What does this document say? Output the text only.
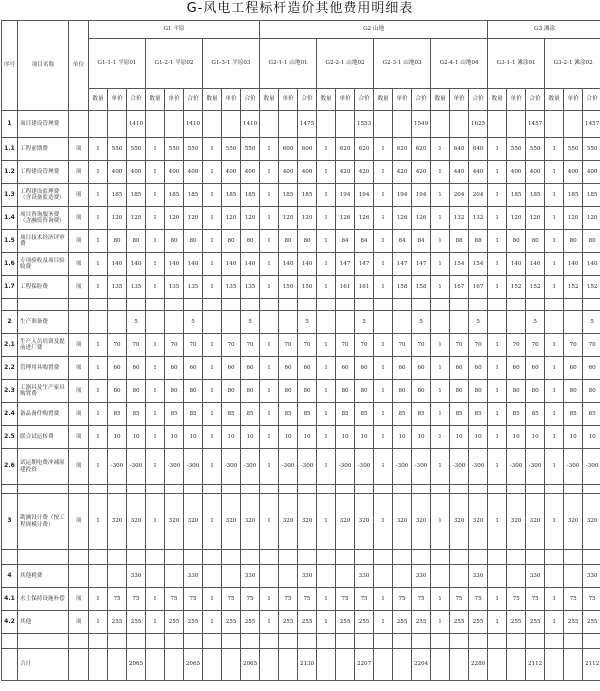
G-风电工程标杆造价其他费用明细表
序号	项目名称	单位	G1 平原									G2 山地												G3 滩涂					
			G1-1-1 平原01			G1-2-1 平原02			G1-3-1 平原03			G2-1-1 山地01			G2-2-1 山地02			G2-3-1 山地03			G2-4-1 山地04			G3-1-1 滩涂01			G3-2-1 滩涂02		
			数量	单价	合价	数量	单价	合价	数量	单价	合价	数量	单价	合价	数量	单价	合价	数量	单价	合价	数量	单价	合价	数量	单价	合价	数量	单价	合价
1	项目建设管理费				1410			1410			1410			1475			1553			1549			1625			1457			1457
1.1	工程前期费	项	1	550	550	1	550	550	1	550	550	1	600	600	1	620	620	1	620	620	1	640	640	1	550	550	1	550	550
1.2	工程建设管理费	项	1	400	400	1	400	400	1	400	400	1	400	400	1	420	420	1	420	420	1	440	440	1	400	400	1	400	400
1.3	工程建设监理费（含设备监造费）	项	1	185	185	1	185	185	1	185	185	1	185	185	1	194	194	1	194	194	1	204	204	1	185	185	1	185	185
1.4	项目咨询服务费（含融资咨询费）	项	1	120	120	1	120	120	1	120	120	1	120	120	1	126	126	1	126	126	1	132	132	1	120	120	1	120	120
1.5	项目技术经济评审费	项	1	80	80	1	80	80	1	80	80	1	80	80	1	84	84	1	84	84	1	88	88	1	80	80	1	80	80
1.6	专项验收及项目验收费	项	1	140	140	1	140	140	1	140	140	1	140	140	1	147	147	1	147	147	1	154	154	1	140	140	1	140	140
1.7	工程保险费	项	1	135	135	1	135	135	1	135	135	1	150	150	1	161	161	1	158	158	1	167	167	1	152	152	1	152	152

2	生产准备费				5			5			5			5			5			5			5			5			5
2.1	生产人员培训及提前进厂费	项	1	70	70	1	70	70	1	70	70	1	70	70	1	70	70	1	70	70	1	70	70	1	70	70	1	70	70
2.2	管理用具购置费	项	1	60	60	1	60	60	1	60	60	1	60	60	1	60	60	1	60	60	1	60	60	1	60	60	1	60	60
2.3	工器具及生产家具购置费	项	1	80	80	1	80	80	1	80	80	1	80	80	1	80	80	1	80	80	1	80	80	1	80	80	1	80	80
2.4	备品备件购置费	项	1	85	85	1	85	85	1	85	85	1	85	85	1	85	85	1	85	85	1	85	85	1	85	85	1	85	85
2.5	联合试运转费	项	1	10	10	1	10	10	1	10	10	1	10	10	1	10	10	1	10	10	1	10	10	1	10	10	1	10	10
2.6	试运期电费冲减原建投资	项	1	-300	-300	1	-300	-300	1	-300	-300	1	-300	-300	1	-300	-300	1	-300	-300	1	-300	-300	1	-300	-300	1	-300	-300

3	勘测设计费（按工程规模计费）	项	1	320	320	1	320	320	1	320	320	1	320	320	1	320	320	1	320	320	1	320	320	1	320	320	1	320	320

4	其他税费				330			330			330			330			330			330			330			330			330
4.1	水土保持设施补偿	项	1	75	75	1	75	75	1	75	75	1	75	75	1	75	75	1	75	75	1	75	75	1	75	75	1	75	75
4.2	其他	项	1	255	255	1	255	255	1	255	255	1	255	255	1	255	255	1	255	255	1	255	255	1	255	255	1	255	255

	合计				2065			2065			2065			2130			2207			2204			2280			2112			2112
